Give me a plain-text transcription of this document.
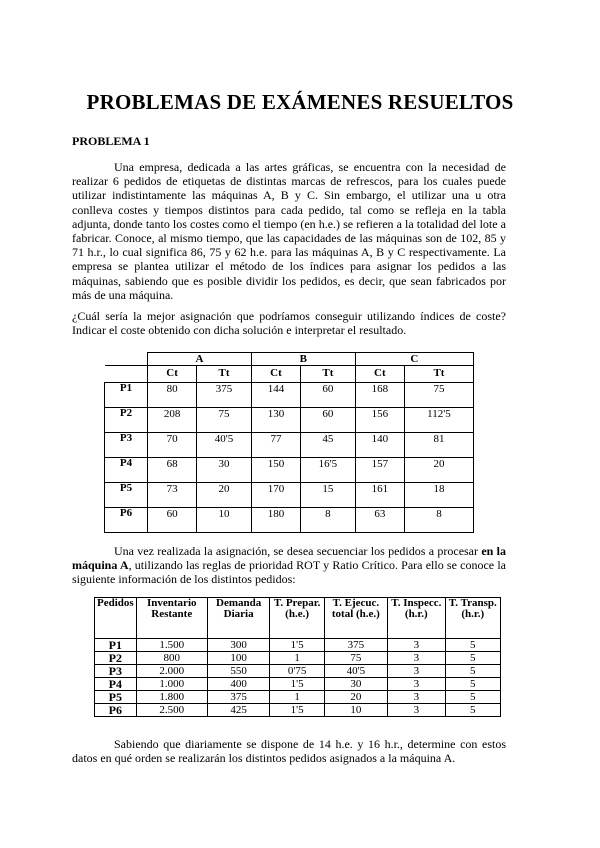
PROBLEMAS DE EXÁMENES RESUELTOS

PROBLEMA 1

Una empresa, dedicada a las artes gráficas, se encuentra con la necesidad de realizar 6 pedidos de etiquetas de distintas marcas de refrescos, para los cuales puede utilizar indistintamente las máquinas A, B y C. Sin embargo, el utilizar una u otra conlleva costes y tiempos distintos para cada pedido, tal como se refleja en la tabla adjunta, donde tanto los costes como el tiempo (en h.e.) se refieren a la totalidad del lote a fabricar. Conoce, al mismo tiempo, que las capacidades de las máquinas son de 102, 85 y 71 h.r., lo cual significa 86, 75 y 62 h.e. para las máquinas A, B y C respectivamente. La empresa se plantea utilizar el método de los índices para asignar los pedidos a las máquinas, sabiendo que es posible dividir los pedidos, es decir, que sean fabricados por más de una máquina.

¿Cuál sería la mejor asignación que podríamos conseguir utilizando índices de coste? Indicar el coste obtenido con dicha solución e interpretar el resultado.

	A		B		C	
	Ct	Tt	Ct	Tt	Ct	Tt
P1	80	375	144	60	168	75
P2	208	75	130	60	156	112'5
P3	70	40'5	77	45	140	81
P4	68	30	150	16'5	157	20
P5	73	20	170	15	161	18
P6	60	10	180	8	63	8

Una vez realizada la asignación, se desea secuenciar los pedidos a procesar en la máquina A, utilizando las reglas de prioridad ROT y Ratio Crítico. Para ello se conoce la siguiente información de los distintos pedidos:

Pedidos	Inventario Restante	Demanda Diaria	T. Prepar. (h.e.)	T. Ejecuc. total (h.e.)	T. Inspecc. (h.r.)	T. Transp. (h.r.)
P1	1.500	300	1'5	375	3	5
P2	800	100	1	75	3	5
P3	2.000	550	0'75	40'5	3	5
P4	1.000	400	1'5	30	3	5
P5	1.800	375	1	20	3	5
P6	2.500	425	1'5	10	3	5

Sabiendo que diariamente se dispone de 14 h.e. y 16 h.r., determine con estos datos en qué orden se realizarán los distintos pedidos asignados a la máquina A.
